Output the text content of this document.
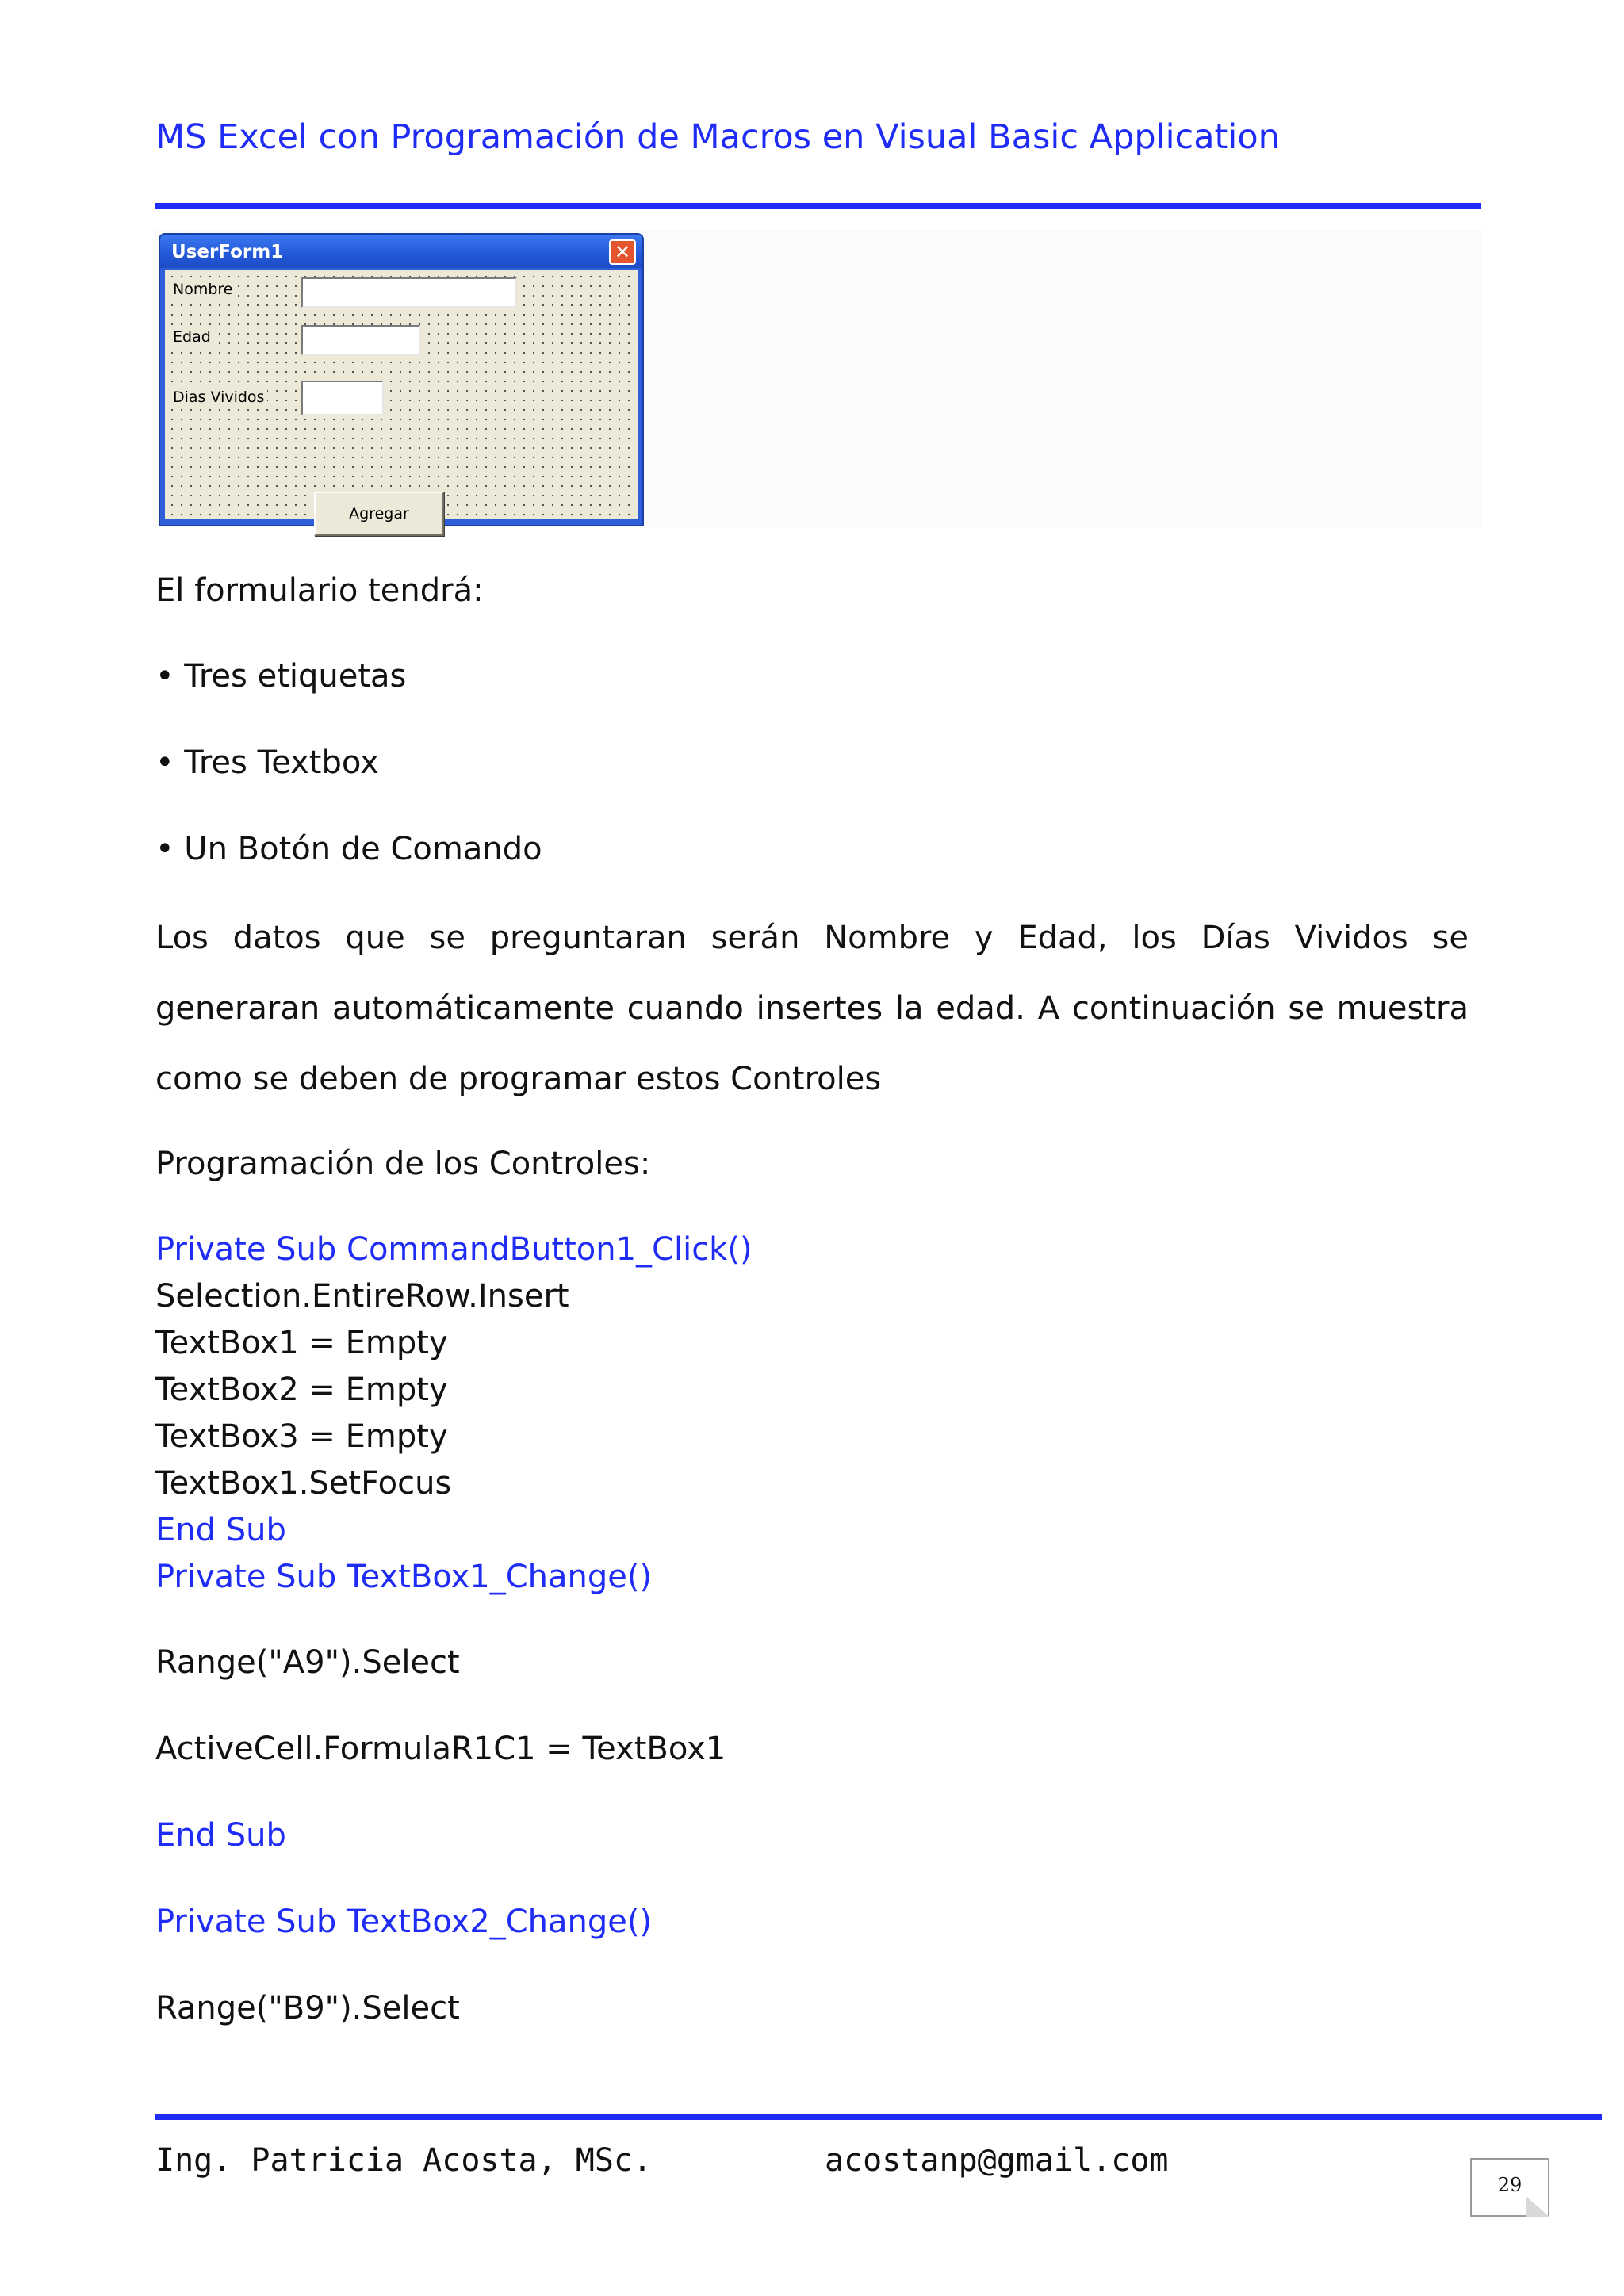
MS Excel con Programación de Macros en Visual Basic Application
UserForm1	✕
Nombre
Edad
Dias Vividos
Agregar

El formulario tendrá:

• Tres etiquetas

• Tres Textbox

• Un Botón de Comando

Los datos que se preguntaran serán Nombre y Edad, los Días Vividos se generaran automáticamente cuando insertes la edad. A continuación se muestra como se deben de programar estos Controles

Programación de los Controles:

Private Sub CommandButton1_Click()

Selection.EntireRow.Insert

TextBox1 = Empty

TextBox2 = Empty

TextBox3 = Empty

TextBox1.SetFocus

End Sub

Private Sub TextBox1_Change()

Range("A9").Select

ActiveCell.FormulaR1C1 = TextBox1

End Sub

Private Sub TextBox2_Change()

Range("B9").Select

Ing. Patricia Acosta, MSc.	acostanp@gmail.com
29
